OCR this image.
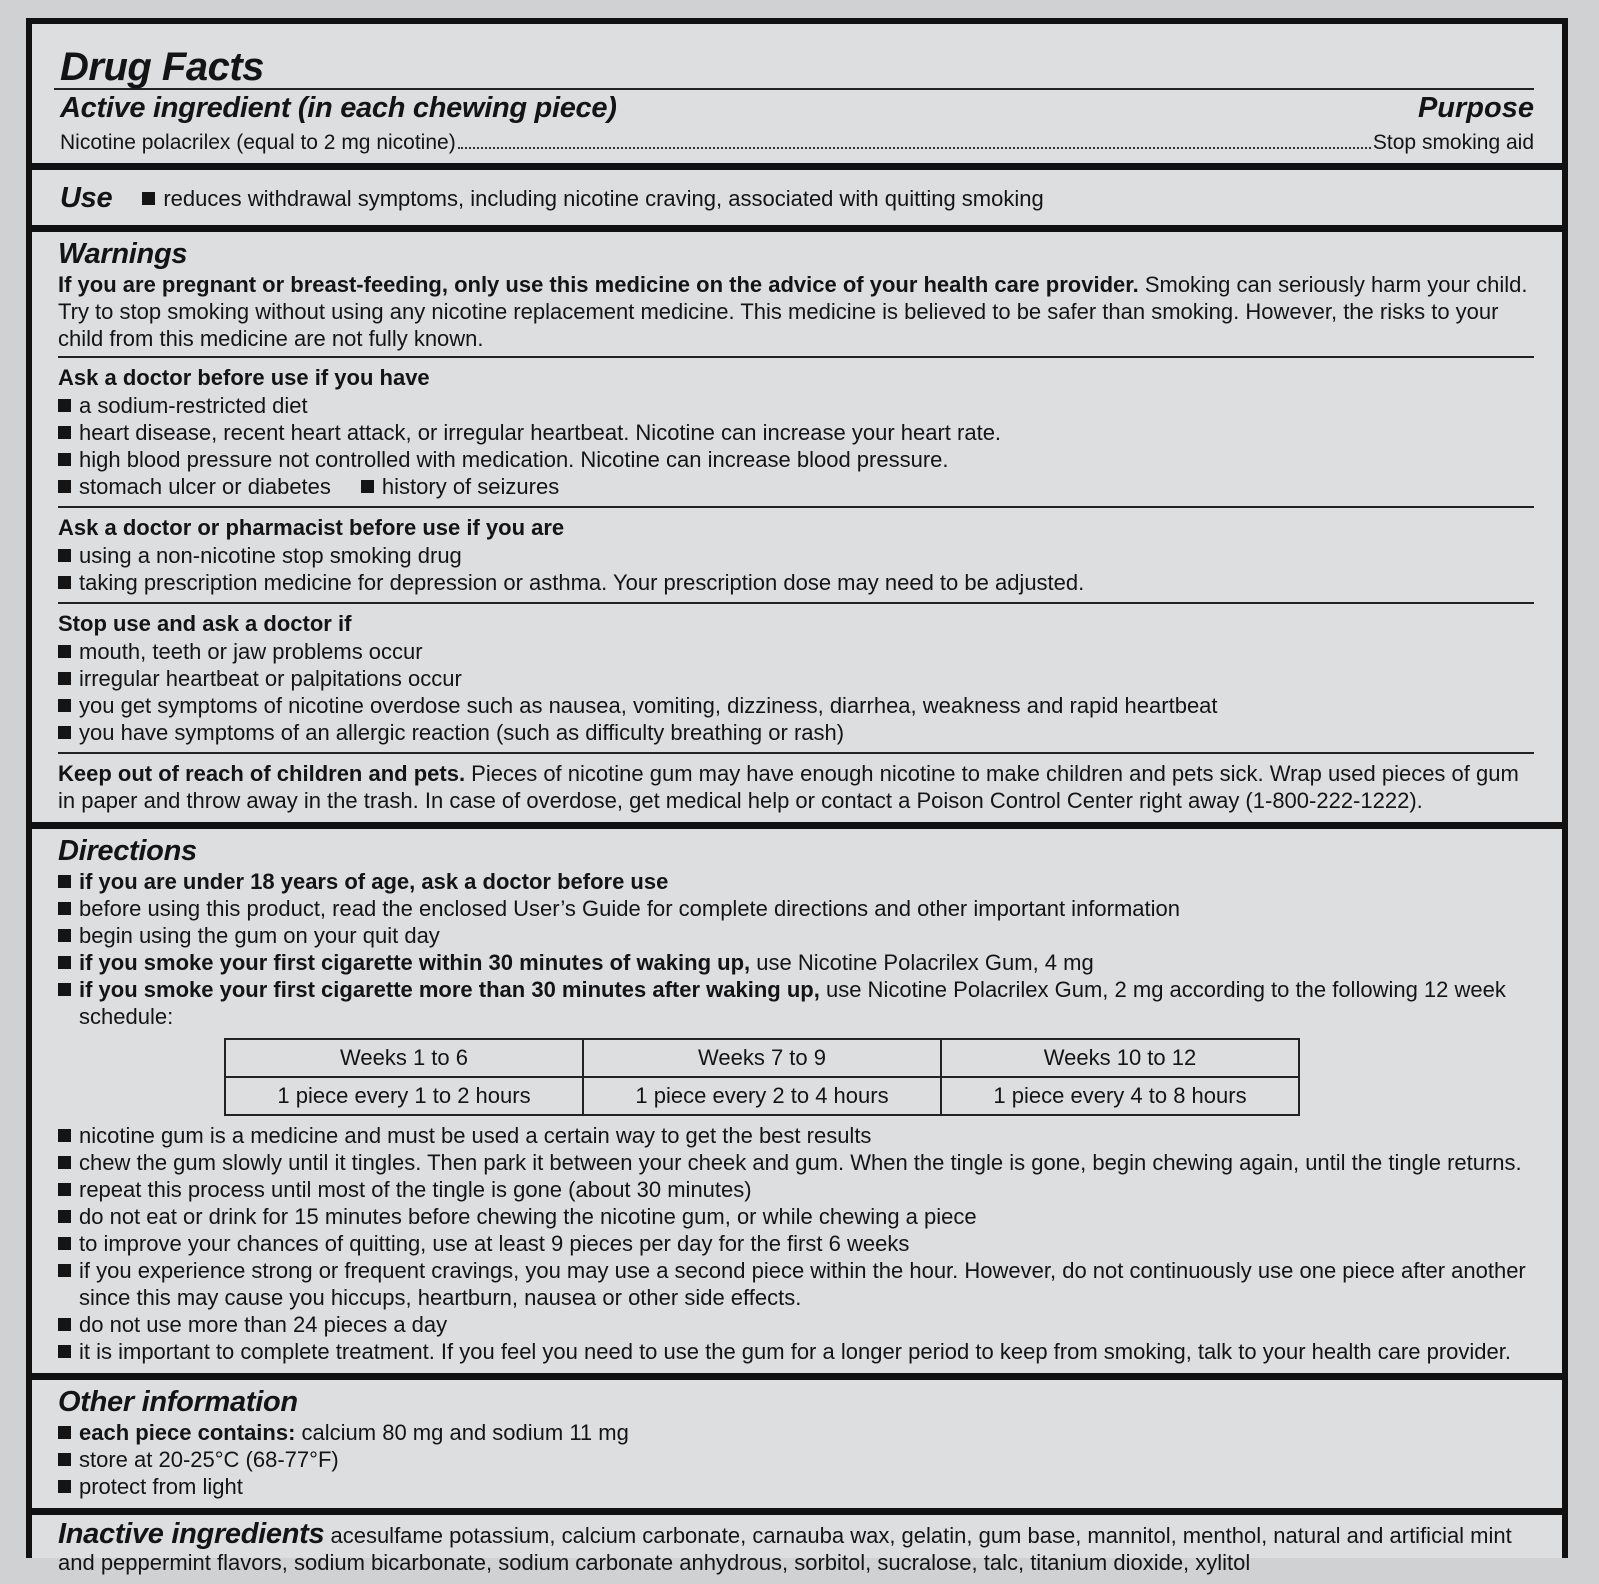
Drug Facts
Active ingredient (in each chewing piece)	Purpose
Nicotine polacrilex (equal to 2 mg nicotine)	Stop smoking aid
Use reduces withdrawal symptoms, including nicotine craving, associated with quitting smoking
Warnings
If you are pregnant or breast-feeding, only use this medicine on the advice of your health care provider. Smoking can seriously harm your child. Try to stop smoking without using any nicotine replacement medicine. This medicine is believed to be safer than smoking. However, the risks to your child from this medicine are not fully known.
Ask a doctor before use if you have
a sodium-restricted diet
heart disease, recent heart attack, or irregular heartbeat. Nicotine can increase your heart rate.
high blood pressure not controlled with medication. Nicotine can increase blood pressure.
stomach ulcer or diabetes history of seizures
Ask a doctor or pharmacist before use if you are
using a non-nicotine stop smoking drug
taking prescription medicine for depression or asthma. Your prescription dose may need to be adjusted.
Stop use and ask a doctor if
mouth, teeth or jaw problems occur
irregular heartbeat or palpitations occur
you get symptoms of nicotine overdose such as nausea, vomiting, dizziness, diarrhea, weakness and rapid heartbeat
you have symptoms of an allergic reaction (such as difficulty breathing or rash)
Keep out of reach of children and pets. Pieces of nicotine gum may have enough nicotine to make children and pets sick. Wrap used pieces of gum in paper and throw away in the trash. In case of overdose, get medical help or contact a Poison Control Center right away (1-800-222-1222).
Directions
if you are under 18 years of age, ask a doctor before use
before using this product, read the enclosed User’s Guide for complete directions and other important information
begin using the gum on your quit day
if you smoke your first cigarette within 30 minutes of waking up, use Nicotine Polacrilex Gum, 4 mg
if you smoke your first cigarette more than 30 minutes after waking up, use Nicotine Polacrilex Gum, 2 mg according to the following 12 week schedule:
Weeks 1 to 6	Weeks 7 to 9	Weeks 10 to 12
1 piece every 1 to 2 hours	1 piece every 2 to 4 hours	1 piece every 4 to 8 hours
nicotine gum is a medicine and must be used a certain way to get the best results
chew the gum slowly until it tingles. Then park it between your cheek and gum. When the tingle is gone, begin chewing again, until the tingle returns.
repeat this process until most of the tingle is gone (about 30 minutes)
do not eat or drink for 15 minutes before chewing the nicotine gum, or while chewing a piece
to improve your chances of quitting, use at least 9 pieces per day for the first 6 weeks
if you experience strong or frequent cravings, you may use a second piece within the hour. However, do not continuously use one piece after another since this may cause you hiccups, heartburn, nausea or other side effects.
do not use more than 24 pieces a day
it is important to complete treatment. If you feel you need to use the gum for a longer period to keep from smoking, talk to your health care provider.
Other information
each piece contains: calcium 80 mg and sodium 11 mg
store at 20-25°C (68-77°F)
protect from light
Inactive ingredients acesulfame potassium, calcium carbonate, carnauba wax, gelatin, gum base, mannitol, menthol, natural and artificial mint and peppermint flavors, sodium bicarbonate, sodium carbonate anhydrous, sorbitol, sucralose, talc, titanium dioxide, xylitol
